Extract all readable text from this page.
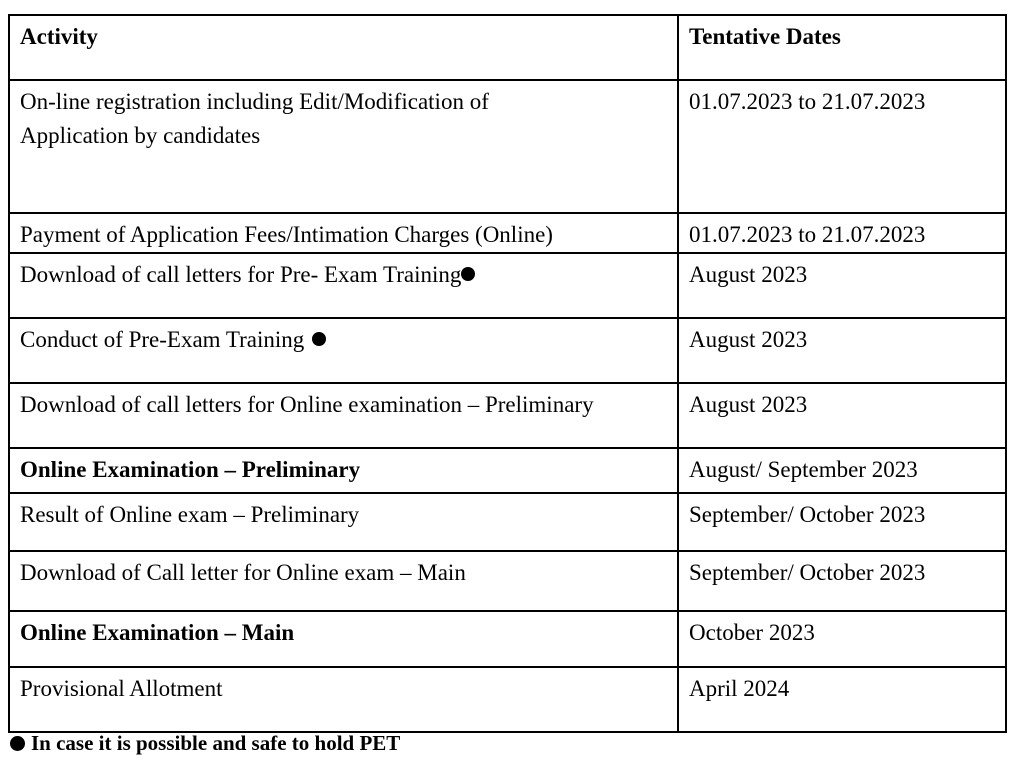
Activity	Tentative Dates
On-line registration including Edit/Modification of
Application by candidates	01.07.2023 to 21.07.2023
Payment of Application Fees/Intimation Charges (Online)	01.07.2023 to 21.07.2023
Download of call letters for Pre- Exam Training	August 2023
Conduct of Pre-Exam Training	August 2023
Download of call letters for Online examination – Preliminary	August 2023
Online Examination – Preliminary	August/ September 2023
Result of Online exam – Preliminary	September/ October 2023
Download of Call letter for Online exam – Main	September/ October 2023
Online Examination – Main	October 2023
Provisional Allotment	April 2024
In case it is possible and safe to hold PET
